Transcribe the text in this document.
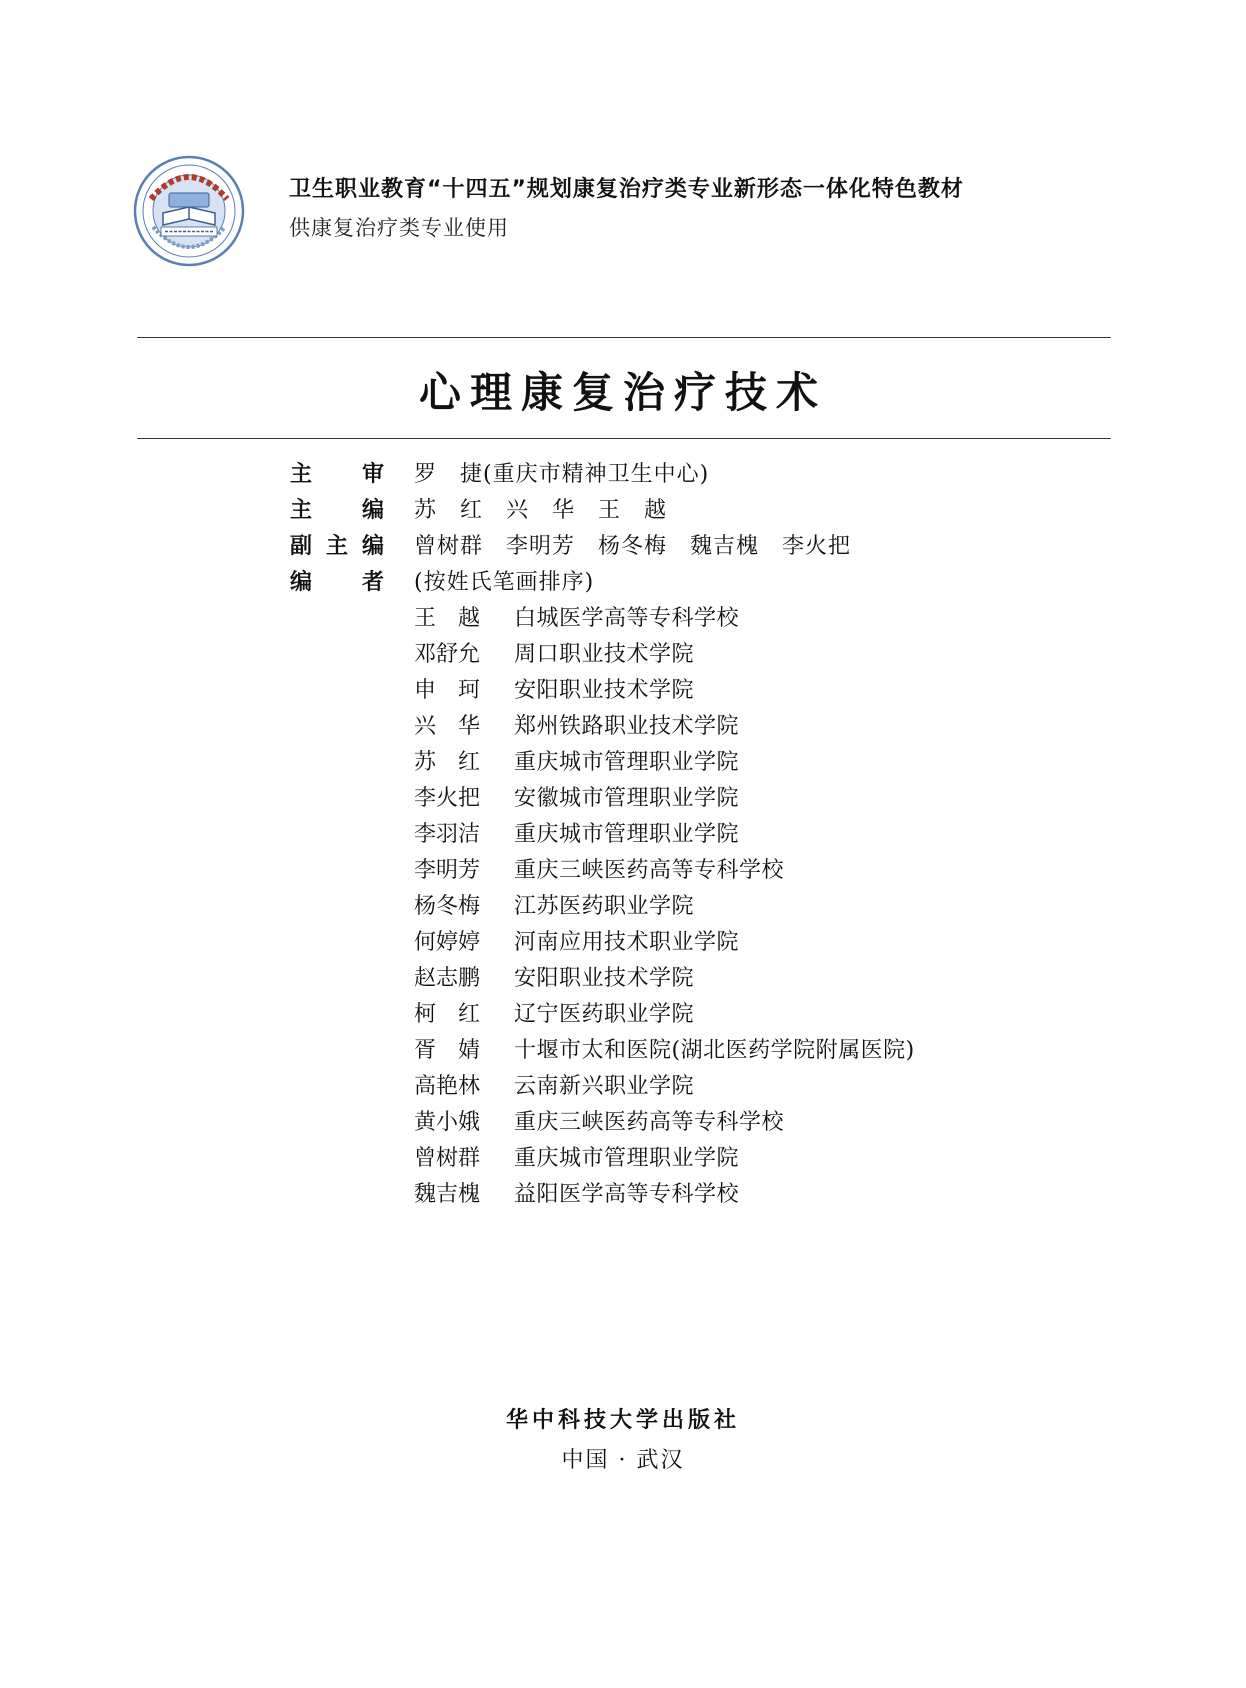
卫生职业教育“十四五”规划康复治疗类专业新形态一体化特色教材
供康复治疗类专业使用
心理康复治疗技术
主 审 罗　捷(重庆市精神卫生中心)
主 编 苏　红　兴　华　王　越
副 主 编 曾树群　李明芳　杨冬梅　魏吉槐　李火把
编 者 (按姓氏笔画排序)
王　越	白城医学高等专科学校
邓舒允	周口职业技术学院
申　珂	安阳职业技术学院
兴　华	郑州铁路职业技术学院
苏　红	重庆城市管理职业学院
李火把	安徽城市管理职业学院
李羽洁	重庆城市管理职业学院
李明芳	重庆三峡医药高等专科学校
杨冬梅	江苏医药职业学院
何婷婷	河南应用技术职业学院
赵志鹏	安阳职业技术学院
柯　红	辽宁医药职业学院
胥　婧	十堰市太和医院(湖北医药学院附属医院)
高艳林	云南新兴职业学院
黄小娥	重庆三峡医药高等专科学校
曾树群	重庆城市管理职业学院
魏吉槐	益阳医学高等专科学校
华中科技大学出版社
中国 · 武汉
